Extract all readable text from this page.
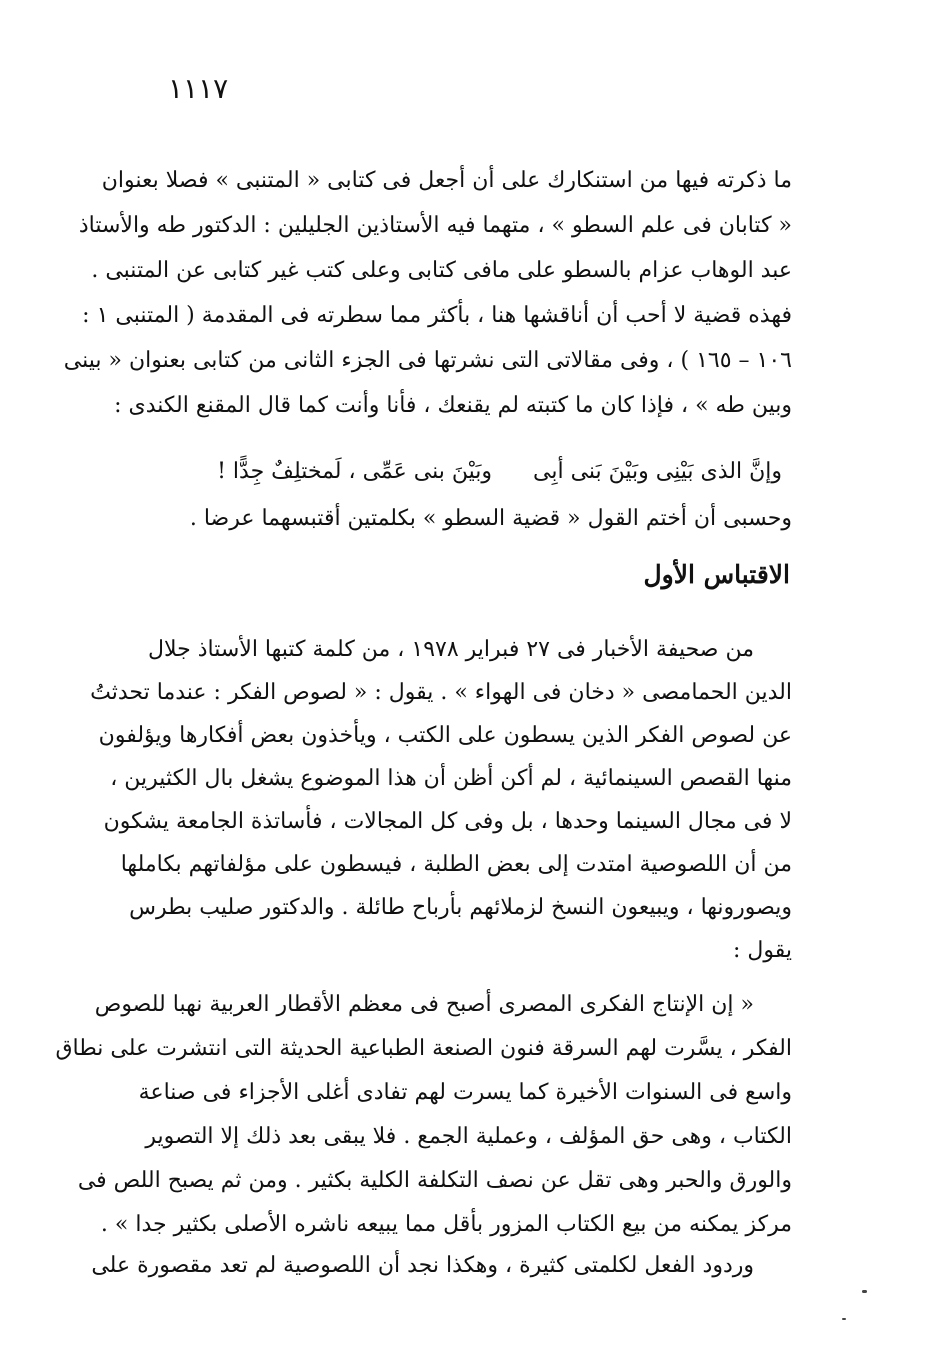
١١١٧
ما ذكرته فيها من استنكارك على أن أجعل فى كتابى « المتنبى » فصلا بعنوان
« كتابان فى علم السطو » ، متهما فيه الأستاذين الجليلين : الدكتور طه والأستاذ
عبد الوهاب عزام بالسطو على مافى كتابى وعلى كتب غير كتابى عن المتنبى .
فهذه قضية لا أحب أن أناقشها هنا ، بأكثر مما سطرته فى المقدمة ( المتنبى ١ :
١٠٦ – ١٦٥ ) ، وفى مقالاتى التى نشرتها فى الجزء الثانى من كتابى بعنوان « بينى
وبين طه » ، فإذا كان ما كتبته لم يقنعك ، فأنا وأنت كما قال المقنع الكندى :
وإنَّ الذى بَيْنِى وبَيْنَ بَنى أبِى
وبَيْنَ بنى عَمِّى ، لَمختلِفٌ جِدًّا !
وحسبى أن أختم القول « قضية السطو » بكلمتين أقتبسهما عرضا .
الاقتباس الأول
من صحيفة الأخبار فى ٢٧ فبراير ١٩٧٨ ، من كلمة كتبها الأستاذ جلال
الدين الحمامصى « دخان فى الهواء » . يقول : « لصوص الفكر : عندما تحدثتُ
عن لصوص الفكر الذين يسطون على الكتب ، ويأخذون بعض أفكارها ويؤلفون
منها القصص السينمائية ، لم أكن أظن أن هذا الموضوع يشغل بال الكثيرين ،
لا فى مجال السينما وحدها ، بل وفى كل المجالات ، فأساتذة الجامعة يشكون
من أن اللصوصية امتدت إلى بعض الطلبة ، فيسطون على مؤلفاتهم بكاملها
ويصورونها ، ويبيعون النسخ لزملائهم بأرباح طائلة . والدكتور صليب بطرس
يقول :
« إن الإنتاج الفكرى المصرى أصبح فى معظم الأقطار العربية نهبا للصوص
الفكر ، يسَّرت لهم السرقة فنون الصنعة الطباعية الحديثة التى انتشرت على نطاق
واسع فى السنوات الأخيرة كما يسرت لهم تفادى أغلى الأجزاء فى صناعة
الكتاب ، وهى حق المؤلف ، وعملية الجمع . فلا يبقى بعد ذلك إلا التصوير
والورق والحبر وهى تقل عن نصف التكلفة الكلية بكثير . ومن ثم يصبح اللص فى
مركز يمكنه من بيع الكتاب المزور بأقل مما يبيعه ناشره الأصلى بكثير جدا » .
وردود الفعل لكلمتى كثيرة ، وهكذا نجد أن اللصوصية لم تعد مقصورة على
